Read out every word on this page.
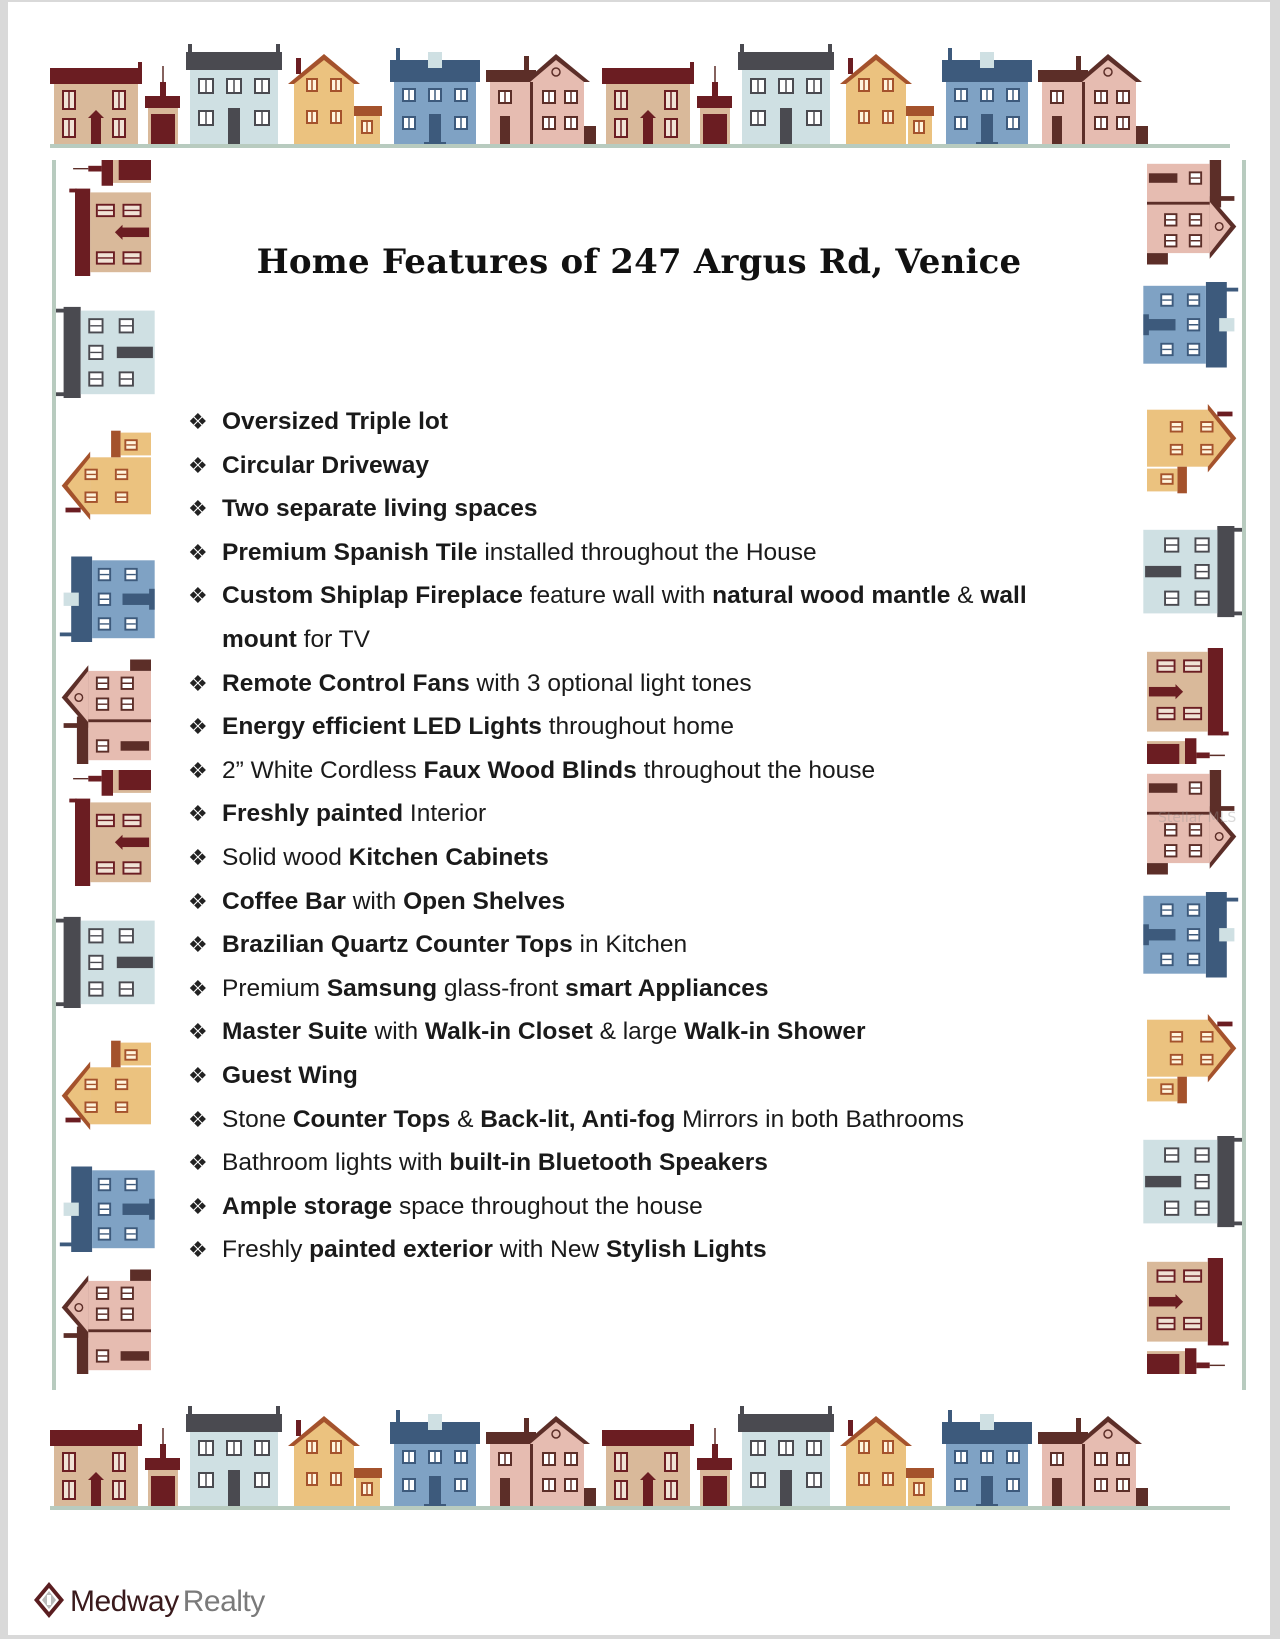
Home Features of 247 Argus Rd, Venice
❖ Oversized Triple lot
❖ Circular Driveway
❖ Two separate living spaces
❖ Premium Spanish Tile installed throughout the House
❖ Custom Shiplap Fireplace feature wall with natural wood mantle & wall mount for TV
❖ Remote Control Fans with 3 optional light tones
❖ Energy efficient LED Lights throughout home
❖ 2” White Cordless Faux Wood Blinds throughout the house
❖ Freshly painted Interior
❖ Solid wood Kitchen Cabinets
❖ Coffee Bar with Open Shelves
❖ Brazilian Quartz Counter Tops in Kitchen
❖ Premium Samsung glass-front smart Appliances
❖ Master Suite with Walk-in Closet & large Walk-in Shower
❖ Guest Wing
❖ Stone Counter Tops & Back-lit, Anti-fog Mirrors in both Bathrooms
❖ Bathroom lights with built-in Bluetooth Speakers
❖ Ample storage space throughout the house
❖ Freshly painted exterior with New Stylish Lights
Stellar MLS
Medway Realty
